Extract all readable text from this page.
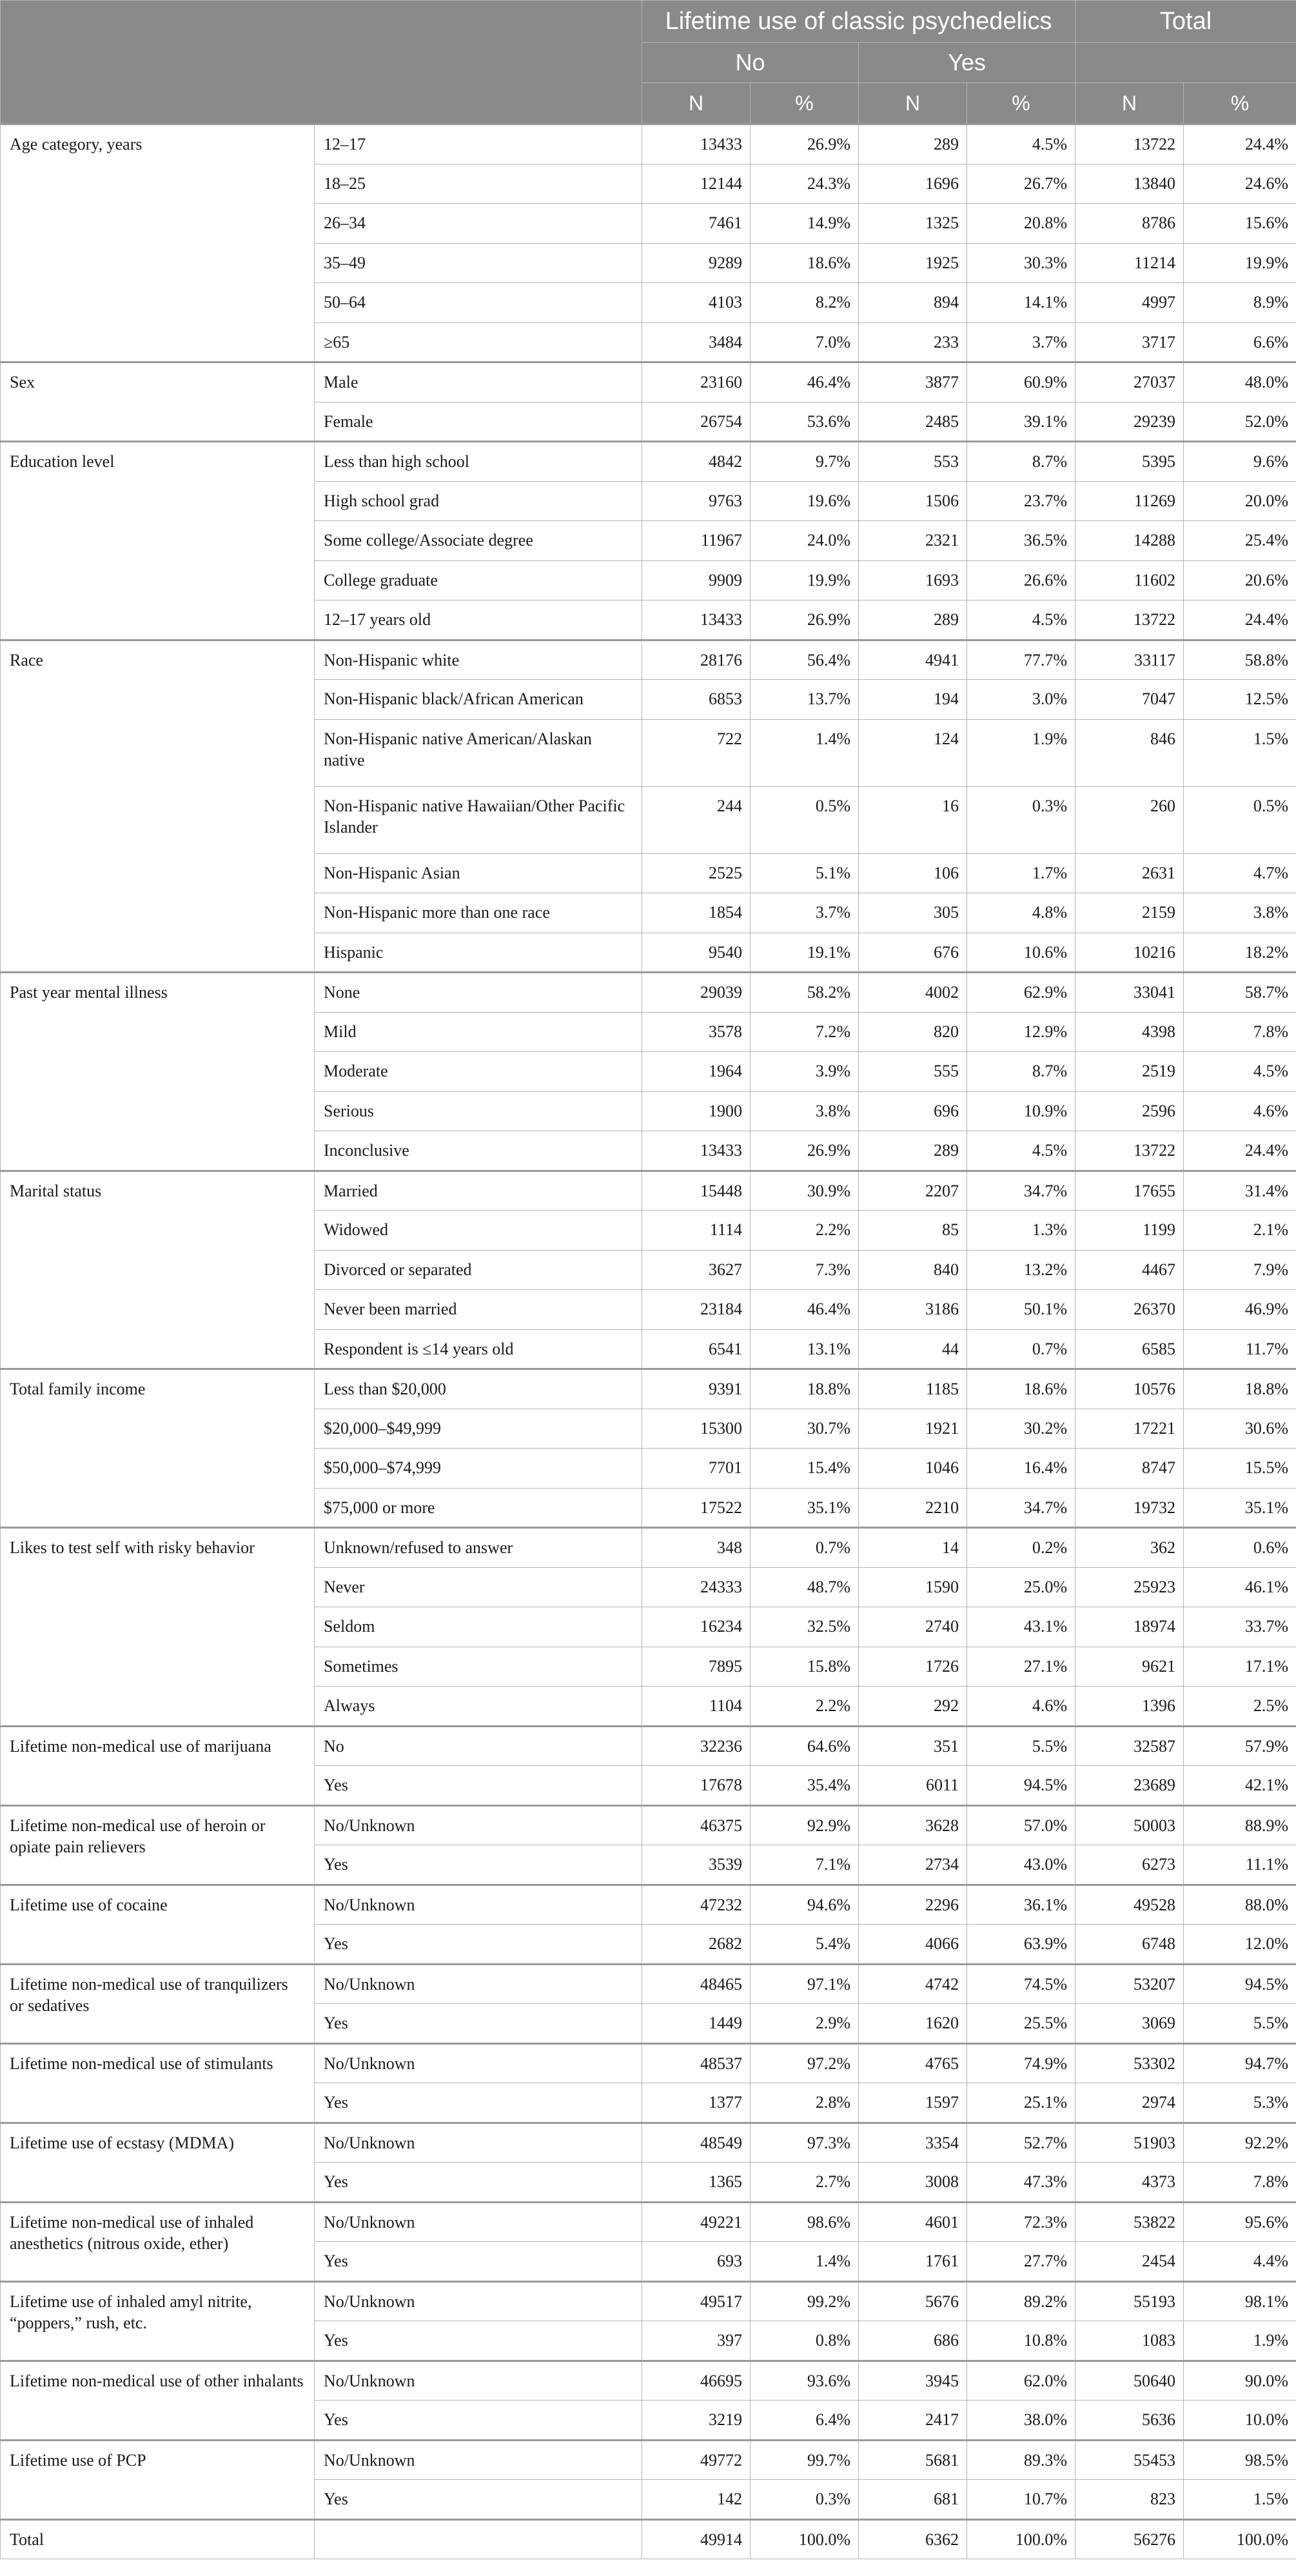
		Lifetime use of classic psychedelics				Total	
		No		Yes			
		N	%	N	%	N	%
Age category, years	12–17	13433	26.9%	289	4.5%	13722	24.4%
	18–25	12144	24.3%	1696	26.7%	13840	24.6%
	26–34	7461	14.9%	1325	20.8%	8786	15.6%
	35–49	9289	18.6%	1925	30.3%	11214	19.9%
	50–64	4103	8.2%	894	14.1%	4997	8.9%
	≥65	3484	7.0%	233	3.7%	3717	6.6%
Sex	Male	23160	46.4%	3877	60.9%	27037	48.0%
	Female	26754	53.6%	2485	39.1%	29239	52.0%
Education level	Less than high school	4842	9.7%	553	8.7%	5395	9.6%
	High school grad	9763	19.6%	1506	23.7%	11269	20.0%
	Some college/Associate degree	11967	24.0%	2321	36.5%	14288	25.4%
	College graduate	9909	19.9%	1693	26.6%	11602	20.6%
	12–17 years old	13433	26.9%	289	4.5%	13722	24.4%
Race	Non-Hispanic white	28176	56.4%	4941	77.7%	33117	58.8%
	Non-Hispanic black/African American	6853	13.7%	194	3.0%	7047	12.5%
	Non-Hispanic native American/Alaskan native	722	1.4%	124	1.9%	846	1.5%
	Non-Hispanic native Hawaiian/Other Pacific Islander	244	0.5%	16	0.3%	260	0.5%
	Non-Hispanic Asian	2525	5.1%	106	1.7%	2631	4.7%
	Non-Hispanic more than one race	1854	3.7%	305	4.8%	2159	3.8%
	Hispanic	9540	19.1%	676	10.6%	10216	18.2%
Past year mental illness	None	29039	58.2%	4002	62.9%	33041	58.7%
	Mild	3578	7.2%	820	12.9%	4398	7.8%
	Moderate	1964	3.9%	555	8.7%	2519	4.5%
	Serious	1900	3.8%	696	10.9%	2596	4.6%
	Inconclusive	13433	26.9%	289	4.5%	13722	24.4%
Marital status	Married	15448	30.9%	2207	34.7%	17655	31.4%
	Widowed	1114	2.2%	85	1.3%	1199	2.1%
	Divorced or separated	3627	7.3%	840	13.2%	4467	7.9%
	Never been married	23184	46.4%	3186	50.1%	26370	46.9%
	Respondent is ≤14 years old	6541	13.1%	44	0.7%	6585	11.7%
Total family income	Less than $20,000	9391	18.8%	1185	18.6%	10576	18.8%
	$20,000–$49,999	15300	30.7%	1921	30.2%	17221	30.6%
	$50,000–$74,999	7701	15.4%	1046	16.4%	8747	15.5%
	$75,000 or more	17522	35.1%	2210	34.7%	19732	35.1%
Likes to test self with risky behavior	Unknown/refused to answer	348	0.7%	14	0.2%	362	0.6%
	Never	24333	48.7%	1590	25.0%	25923	46.1%
	Seldom	16234	32.5%	2740	43.1%	18974	33.7%
	Sometimes	7895	15.8%	1726	27.1%	9621	17.1%
	Always	1104	2.2%	292	4.6%	1396	2.5%
Lifetime non-medical use of marijuana	No	32236	64.6%	351	5.5%	32587	57.9%
	Yes	17678	35.4%	6011	94.5%	23689	42.1%
Lifetime non-medical use of heroin or opiate pain relievers	No/Unknown	46375	92.9%	3628	57.0%	50003	88.9%
	Yes	3539	7.1%	2734	43.0%	6273	11.1%
Lifetime use of cocaine	No/Unknown	47232	94.6%	2296	36.1%	49528	88.0%
	Yes	2682	5.4%	4066	63.9%	6748	12.0%
Lifetime non-medical use of tranquilizers or sedatives	No/Unknown	48465	97.1%	4742	74.5%	53207	94.5%
	Yes	1449	2.9%	1620	25.5%	3069	5.5%
Lifetime non-medical use of stimulants	No/Unknown	48537	97.2%	4765	74.9%	53302	94.7%
	Yes	1377	2.8%	1597	25.1%	2974	5.3%
Lifetime use of ecstasy (MDMA)	No/Unknown	48549	97.3%	3354	52.7%	51903	92.2%
	Yes	1365	2.7%	3008	47.3%	4373	7.8%
Lifetime non-medical use of inhaled anesthetics (nitrous oxide, ether)	No/Unknown	49221	98.6%	4601	72.3%	53822	95.6%
	Yes	693	1.4%	1761	27.7%	2454	4.4%
Lifetime use of inhaled amyl nitrite, “poppers,” rush, etc.	No/Unknown	49517	99.2%	5676	89.2%	55193	98.1%
	Yes	397	0.8%	686	10.8%	1083	1.9%
Lifetime non-medical use of other inhalants	No/Unknown	46695	93.6%	3945	62.0%	50640	90.0%
	Yes	3219	6.4%	2417	38.0%	5636	10.0%
Lifetime use of PCP	No/Unknown	49772	99.7%	5681	89.3%	55453	98.5%
	Yes	142	0.3%	681	10.7%	823	1.5%
Total		49914	100.0%	6362	100.0%	56276	100.0%
